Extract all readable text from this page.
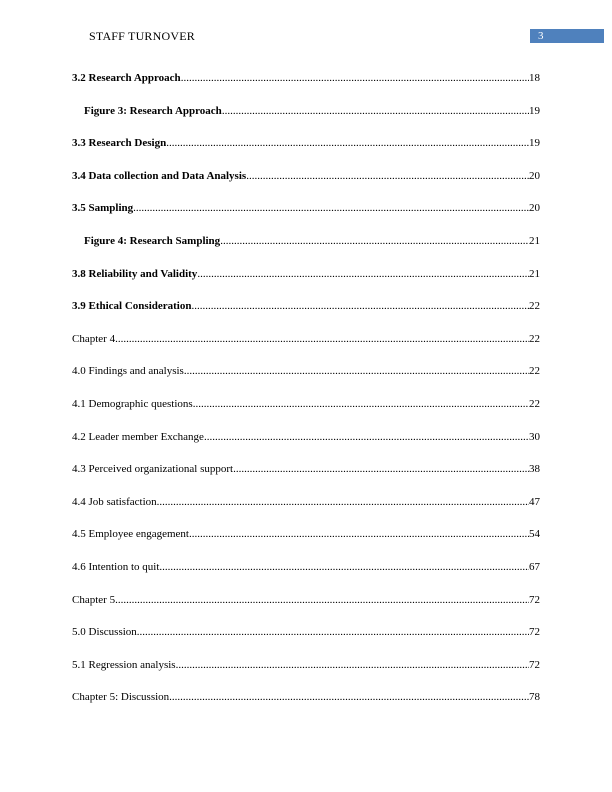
STAFF TURNOVER	3
3.2 Research Approach .....	18
Figure 3: Research Approach .....	19
3.3 Research Design .....	19
3.4 Data collection and Data Analysis .....	20
3.5 Sampling .....	20
Figure 4: Research Sampling .....	21
3.8 Reliability and Validity .....	21
3.9 Ethical Consideration .....	22
Chapter 4 .....	22
4.0 Findings and analysis .....	22
4.1 Demographic questions .....	22
4.2 Leader member Exchange .....	30
4.3 Perceived organizational support .....	38
4.4 Job satisfaction .....	47
4.5 Employee engagement .....	54
4.6 Intention to quit .....	67
Chapter 5 .....	72
5.0 Discussion .....	72
5.1 Regression analysis .....	72
Chapter 5: Discussion .....	78
